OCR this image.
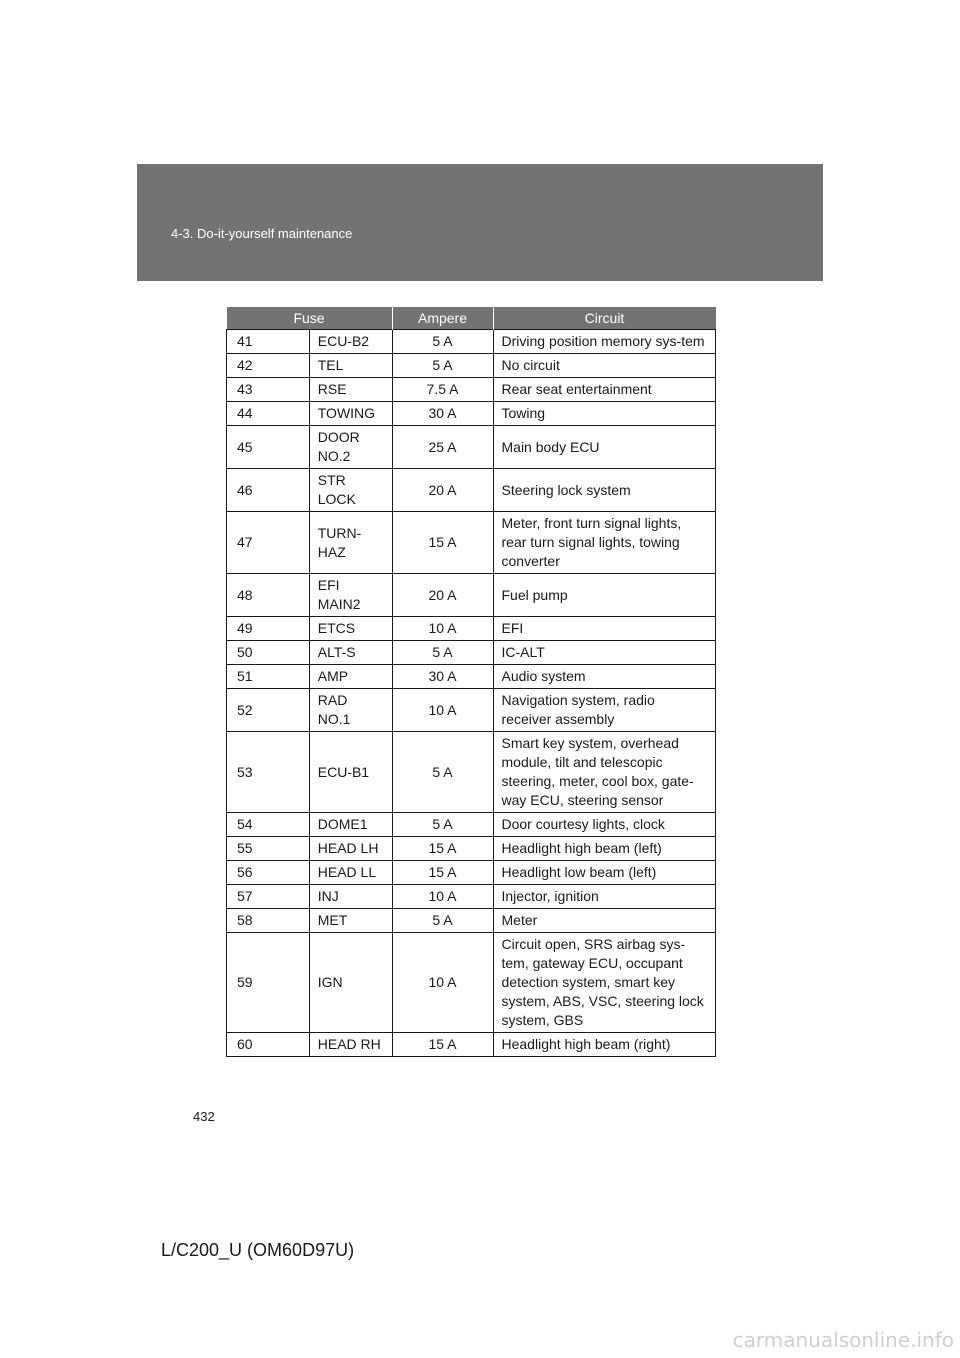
4-3. Do-it-yourself maintenance
Fuse		Ampere	Circuit
41	ECU-B2	5 A	Driving position memory sys-tem
42	TEL	5 A	No circuit
43	RSE	7.5 A	Rear seat entertainment
44	TOWING	30 A	Towing
45	DOOR NO.2	25 A	Main body ECU
46	STR LOCK	20 A	Steering lock system
47	TURN-HAZ	15 A	Meter, front turn signal lights, rear turn signal lights, towing converter
48	EFI MAIN2	20 A	Fuel pump
49	ETCS	10 A	EFI
50	ALT-S	5 A	IC-ALT
51	AMP	30 A	Audio system
52	RAD NO.1	10 A	Navigation system, radio receiver assembly
53	ECU-B1	5 A	Smart key system, overhead module, tilt and telescopic steering, meter, cool box, gate-way ECU, steering sensor
54	DOME1	5 A	Door courtesy lights, clock
55	HEAD LH	15 A	Headlight high beam (left)
56	HEAD LL	15 A	Headlight low beam (left)
57	INJ	10 A	Injector, ignition
58	MET	5 A	Meter
59	IGN	10 A	Circuit open, SRS airbag sys-tem, gateway ECU, occupant detection system, smart key system, ABS, VSC, steering lock system, GBS
60	HEAD RH	15 A	Headlight high beam (right)
432
L/C200_U (OM60D97U)
carmanualsonline.info
